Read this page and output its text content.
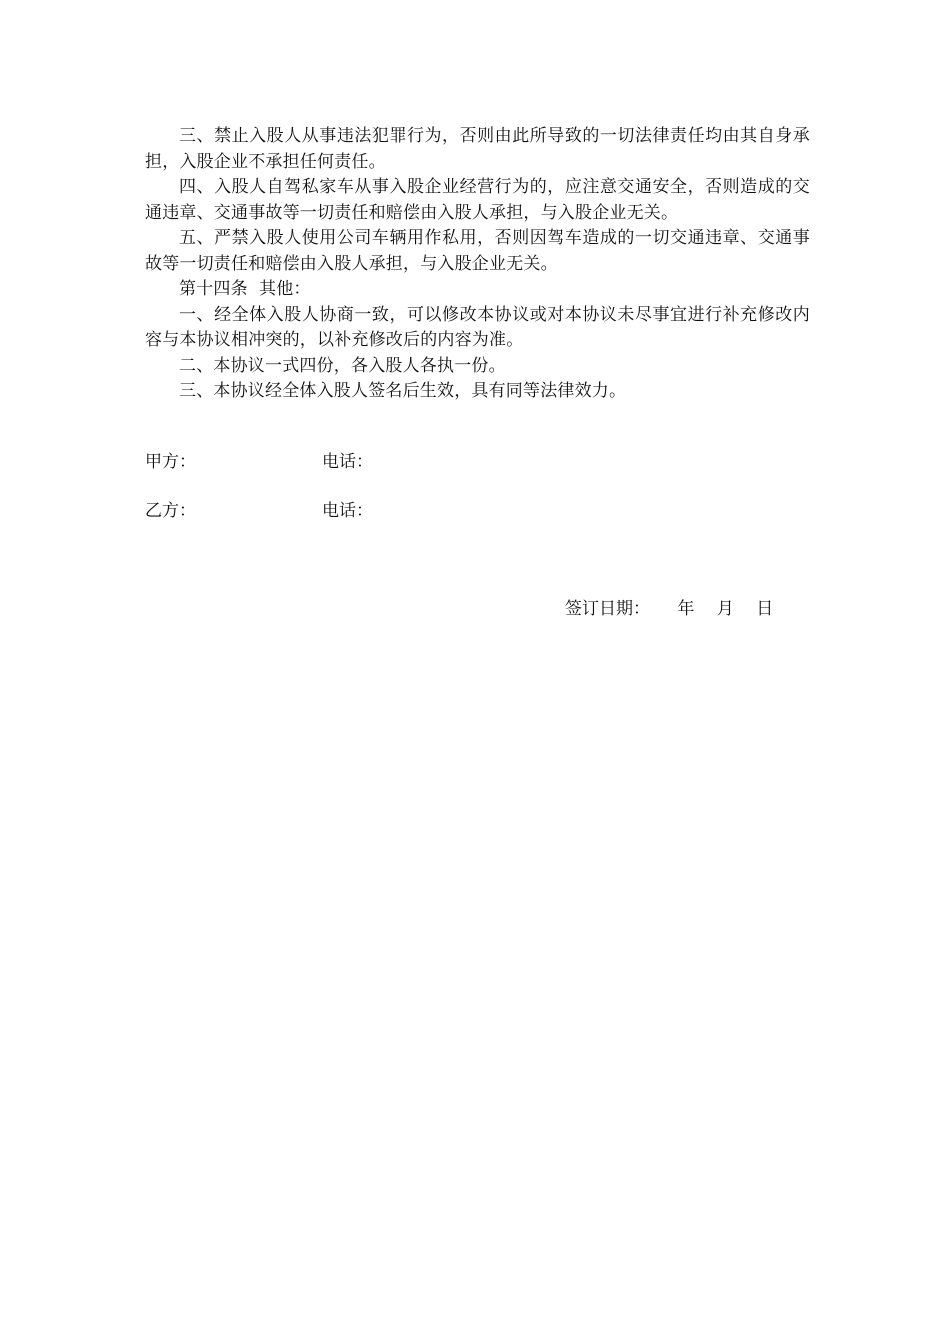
三、禁止入股人从事违法犯罪行为，否则由此所导致的一切法律责任均由其自身承担，入股企业不承担任何责任。

四、入股人自驾私家车从事入股企业经营行为的，应注意交通安全，否则造成的交通违章、交通事故等一切责任和赔偿由入股人承担，与入股企业无关。

五、严禁入股人使用公司车辆用作私用，否则因驾车造成的一切交通违章、交通事故等一切责任和赔偿由入股人承担，与入股企业无关。

第十四条  其他：

一、经全体入股人协商一致，可以修改本协议或对本协议未尽事宜进行补充修改内容与本协议相冲突的，以补充修改后的内容为准。

二、本协议一式四份，各入股人各执一份。

三、本协议经全体入股人签名后生效，具有同等法律效力。

甲方：	电话：
乙方：	电话：
签订日期： 年 月 日
